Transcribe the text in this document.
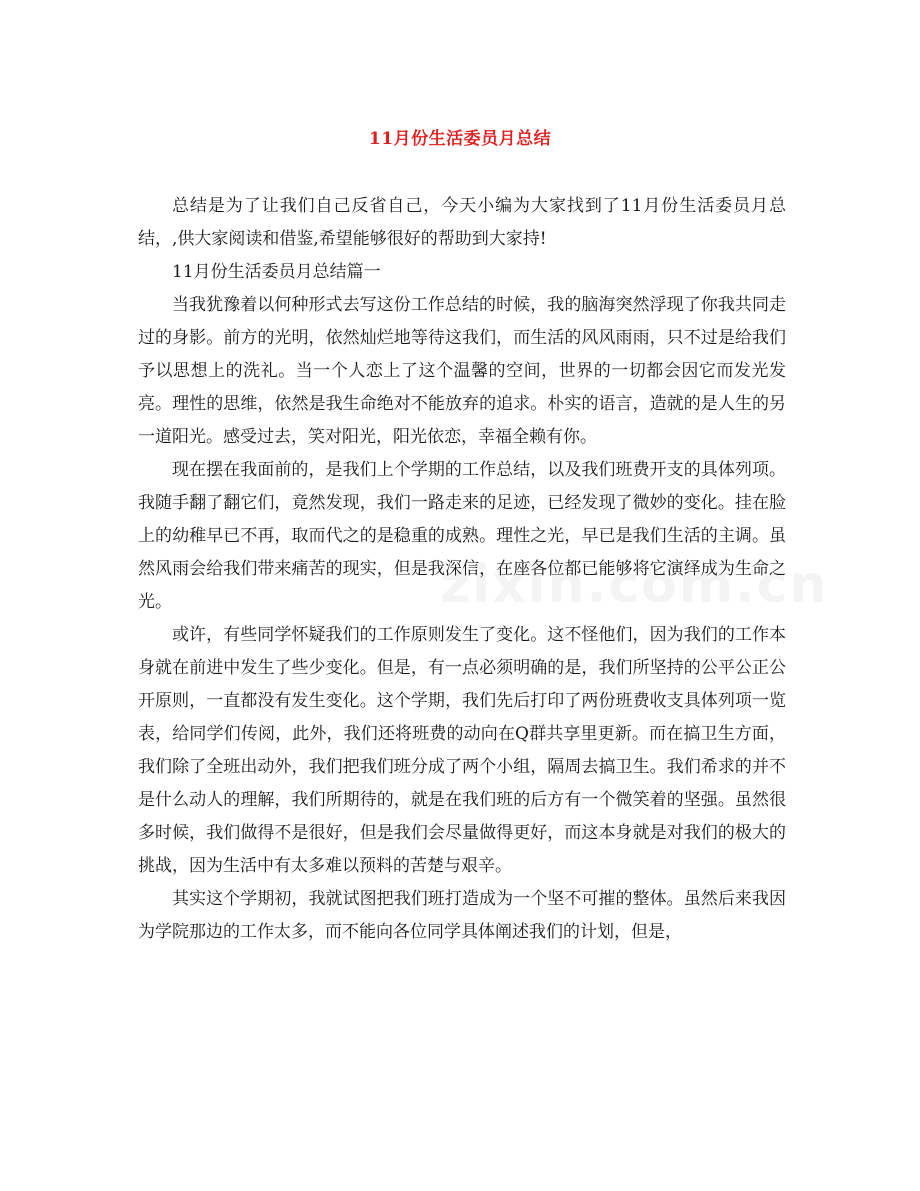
11月份生活委员月总结

总结是为了让我们自己反省自己，今天小编为大家找到了11月份生活委员月总结，,供大家阅读和借鉴,希望能够很好的帮助到大家持!

11月份生活委员月总结篇一

当我犹豫着以何种形式去写这份工作总结的时候，我的脑海突然浮现了你我共同走过的身影。前方的光明，依然灿烂地等待这我们，而生活的风风雨雨，只不过是给我们予以思想上的洗礼。当一个人恋上了这个温馨的空间，世界的一切都会因它而发光发亮。理性的思维，依然是我生命绝对不能放弃的追求。朴实的语言，造就的是人生的另一道阳光。感受过去，笑对阳光，阳光依恋，幸福全赖有你。

现在摆在我面前的，是我们上个学期的工作总结，以及我们班费开支的具体列项。我随手翻了翻它们，竟然发现，我们一路走来的足迹，已经发现了微妙的变化。挂在脸上的幼稚早已不再，取而代之的是稳重的成熟。理性之光，早已是我们生活的主调。虽然风雨会给我们带来痛苦的现实，但是我深信，在座各位都已能够将它演绎成为生命之光。

或许，有些同学怀疑我们的工作原则发生了变化。这不怪他们，因为我们的工作本身就在前进中发生了些少变化。但是，有一点必须明确的是，我们所坚持的公平公正公开原则，一直都没有发生变化。这个学期，我们先后打印了两份班费收支具体列项一览表，给同学们传阅，此外，我们还将班费的动向在Q群共享里更新。而在搞卫生方面，我们除了全班出动外，我们把我们班分成了两个小组，隔周去搞卫生。我们希求的并不是什么动人的理解，我们所期待的，就是在我们班的后方有一个微笑着的坚强。虽然很多时候，我们做得不是很好，但是我们会尽量做得更好，而这本身就是对我们的极大的挑战，因为生活中有太多难以预料的苦楚与艰辛。

其实这个学期初，我就试图把我们班打造成为一个坚不可摧的整体。虽然后来我因为学院那边的工作太多，而不能向各位同学具体阐述我们的计划，但是，
